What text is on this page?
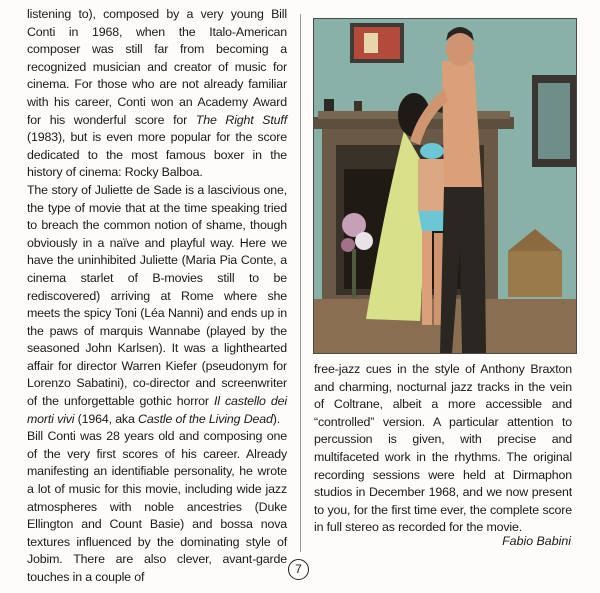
listening to), composed by a very young Bill Conti in 1968, when the Italo-American composer was still far from becoming a recognized musician and creator of music for cinema. For those who are not already familiar with his career, Conti won an Academy Award for his wonderful score for The Right Stuff (1983), but is even more popular for the score dedicated to the most famous boxer in the history of cinema: Rocky Balboa.

The story of Juliette de Sade is a lascivious one, the type of movie that at the time speaking tried to breach the common notion of shame, though obviously in a naïve and playful way. Here we have the uninhibited Juliette (Maria Pia Conte, a cinema starlet of B-movies still to be rediscovered) arriving at Rome where she meets the spicy Toni (Léa Nanni) and ends up in the paws of marquis Wannabe (played by the seasoned John Karlsen). It was a lighthearted affair for director Warren Kiefer (pseudonym for Lorenzo Sabatini), co-director and screenwriter of the unforgettable gothic horror Il castello dei morti vivi (1964, aka Castle of the Living Dead).

Bill Conti was 28 years old and composing one of the very first scores of his career. Already manifesting an identifiable personality, he wrote a lot of music for this movie, including wide jazz atmospheres with noble ancestries (Duke Ellington and Count Basie) and bossa nova textures influenced by the dominating style of Jobim. There are also clever, avant-garde touches in a couple of

free-jazz cues in the style of Anthony Braxton and charming, nocturnal jazz tracks in the vein of Coltrane, albeit a more accessible and “controlled” version. A particular attention to percussion is given, with precise and multifaceted work in the rhythms. The original recording sessions were held at Dirmaphon studios in December 1968, and we now present to you, for the first time ever, the complete score in full stereo as recorded for the movie.

Fabio Babini
7
